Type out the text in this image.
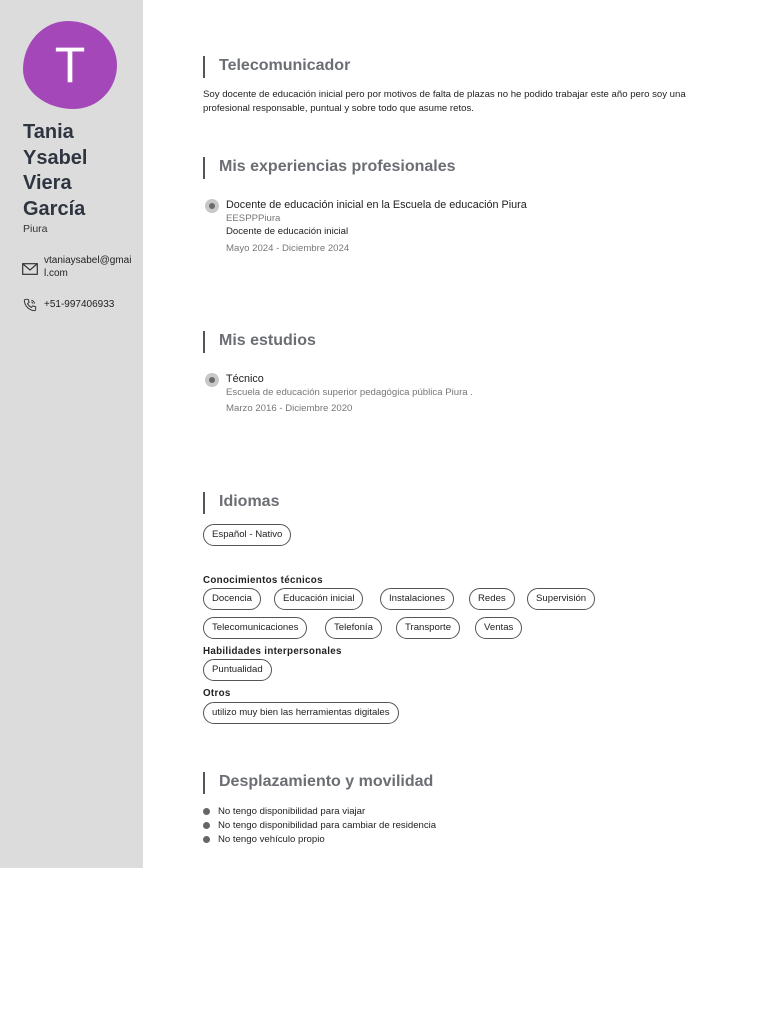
T
Tania
Ysabel
Viera
García
Piura
vtaniaysabel@gmail.com
+51-997406933
Telecomunicador

Soy docente de educación inicial pero por motivos de falta de plazas no he podido trabajar este año pero soy una profesional responsable, puntual y sobre todo que asume retos.

Mis experiencias profesionales
Docente de educación inicial en la Escuela de educación Piura
EESPPPiura
Docente de educación inicial
Mayo 2024 - Diciembre 2024
Mis estudios
Técnico
Escuela de educación superior pedagógica pública Piura .
Marzo 2016 - Diciembre 2020
Idiomas
Español - Nativo
Conocimientos técnicos
Docencia	Educación inicial	Instalaciones	Redes	Supervisión
Telecomunicaciones	Telefonía	Transporte	Ventas
Habilidades interpersonales
Puntualidad
Otros
utilizo muy bien las herramientas digitales
Desplazamiento y movilidad
No tengo disponibilidad para viajar
No tengo disponibilidad para cambiar de residencia
No tengo vehículo propio
